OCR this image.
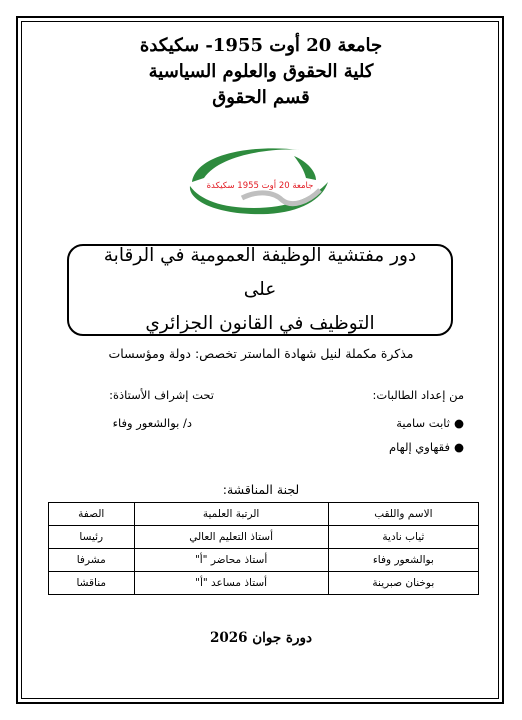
جامعة 20 أوت 1955- سكيكدة
كلية الحقوق والعلوم السياسية
قسم الحقوق
جامعة 20 أوت 1955 سكيكدة
دور مفتشية الوظيفة العمومية في الرقابة على
التوظيف في القانون الجزائري
مذكرة مكملة لنيل شهادة الماستر تخصص: دولة ومؤسسات
من إعداد الطالبات:
تحت إشراف الأستاذة:
●ثابت سامية
●فقهاوي إلهام
د/ بوالشعور وفاء
لجنة المناقشة:
الاسم واللقب	الرتبة العلمية	الصفة
ثياب نادية	أستاذ التعليم العالي	رئيسا
بوالشعور وفاء	أستاذ محاضر "أ"	مشرفا
بوخنان صبرينة	أستاذ مساعد "أ"	مناقشا
دورة جوان 2026
